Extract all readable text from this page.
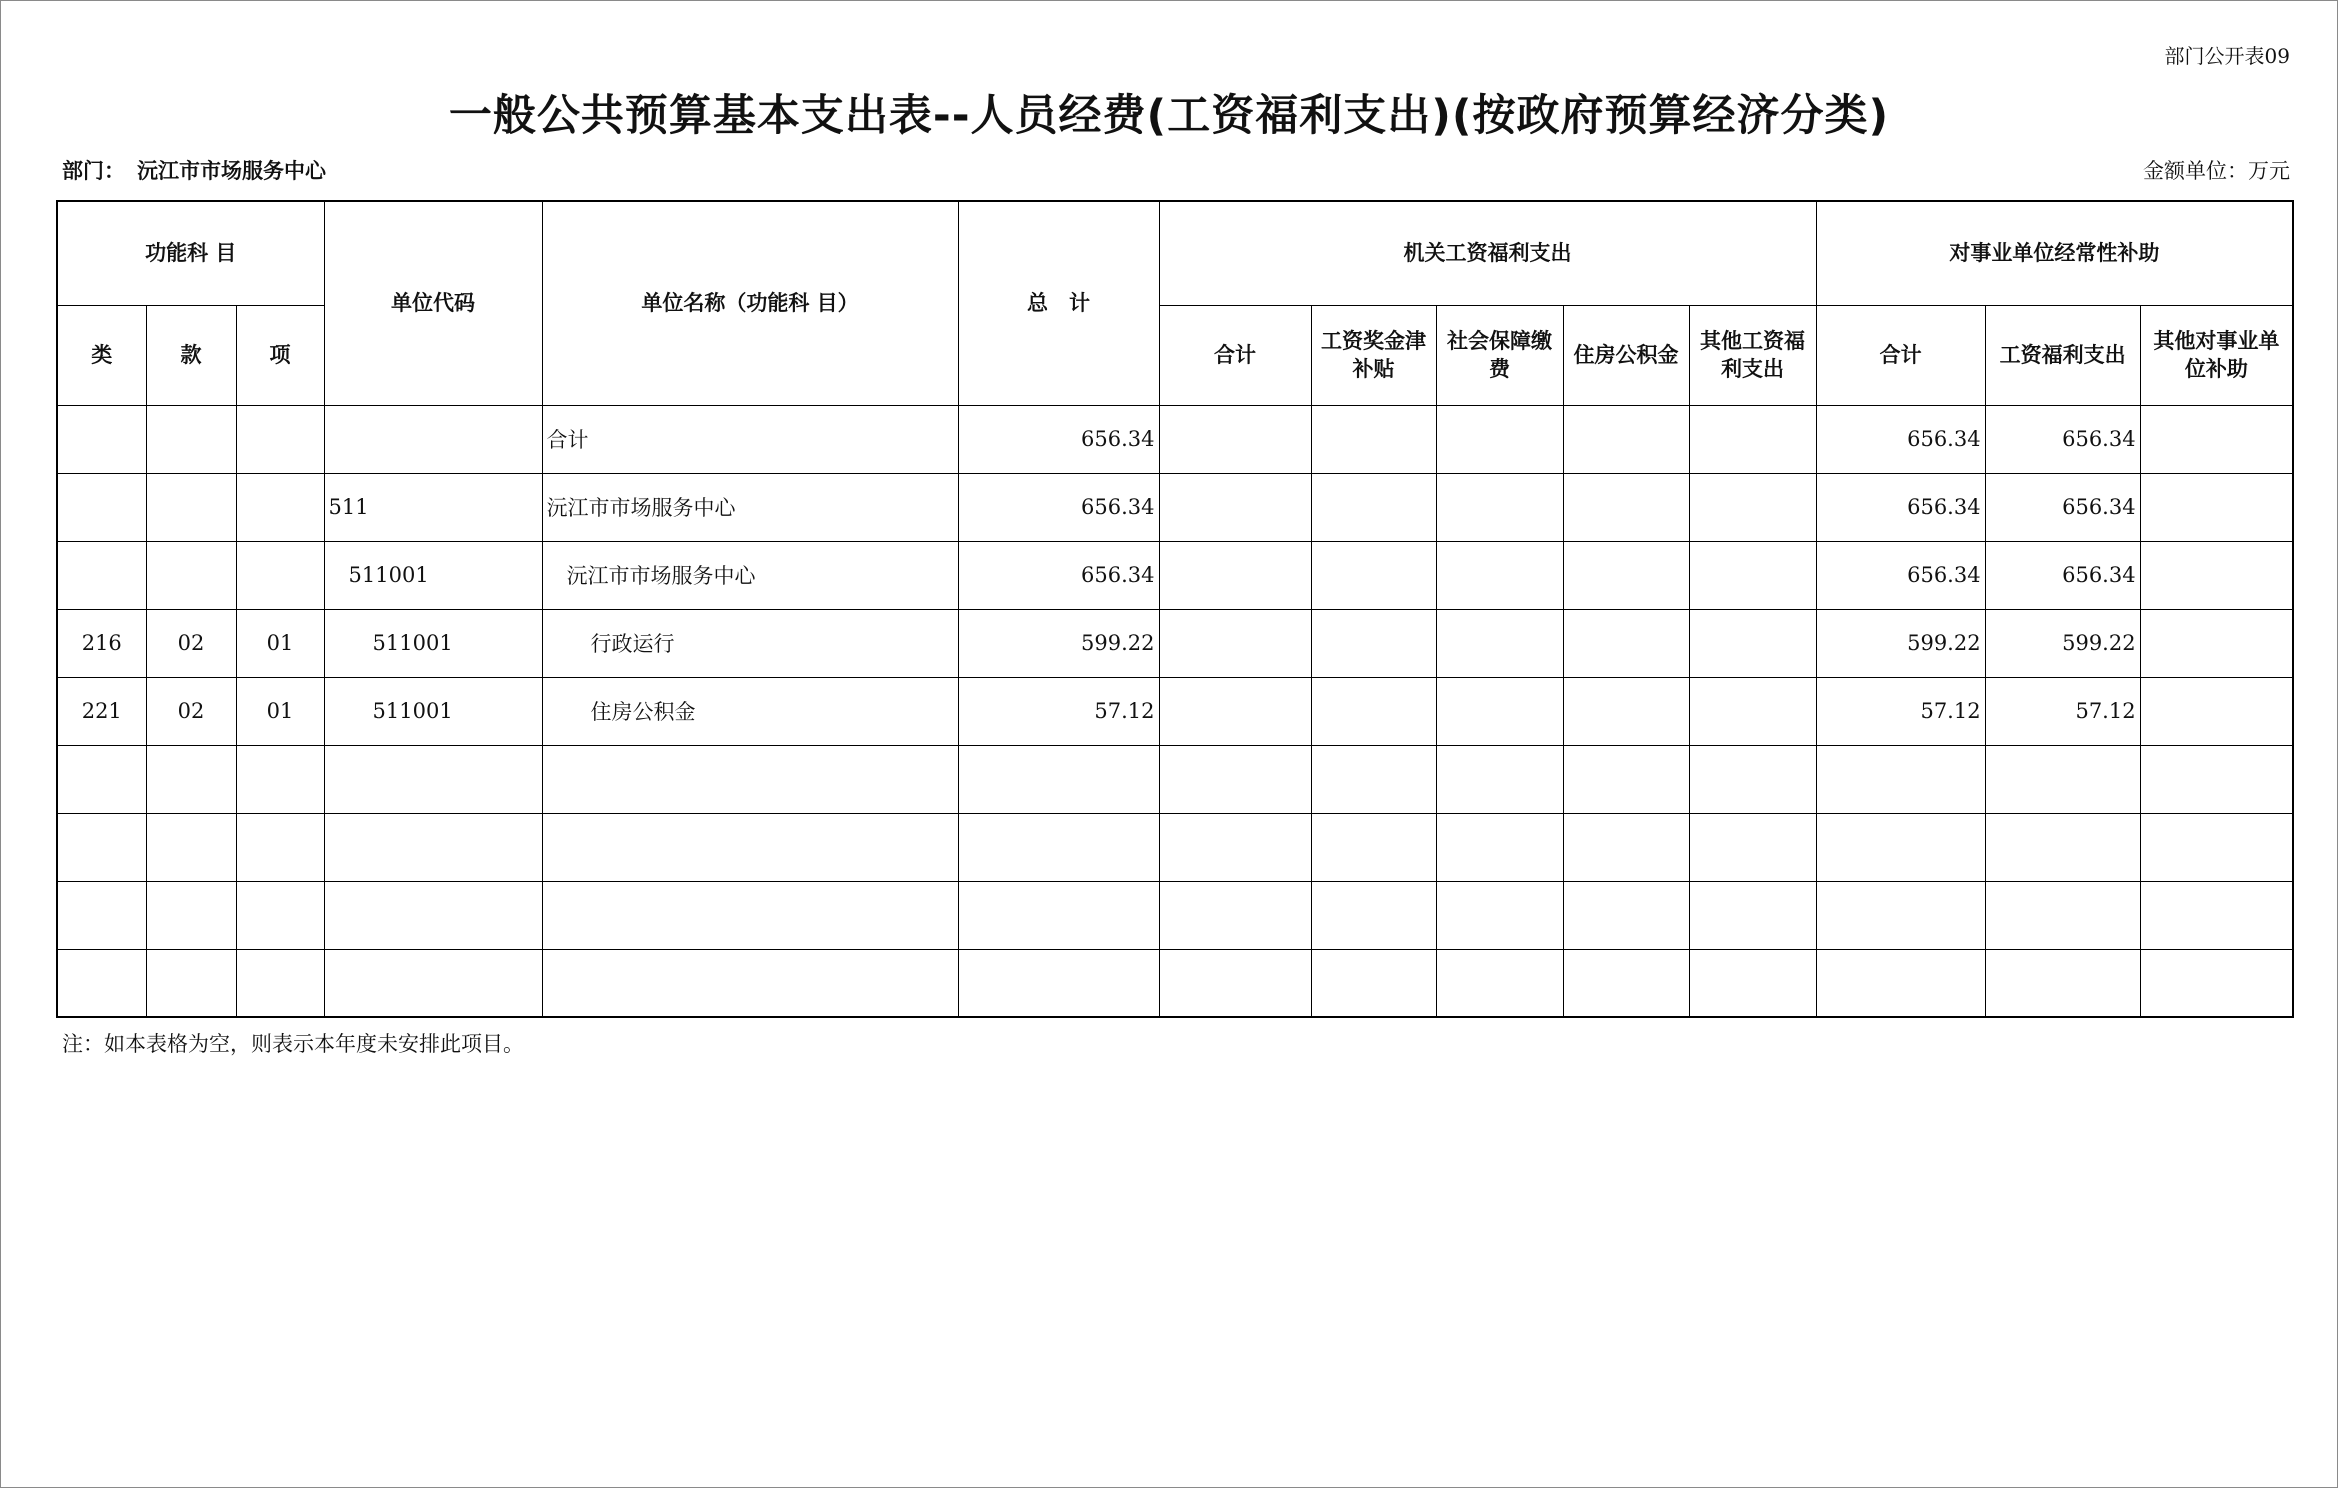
部门公开表09
一般公共预算基本支出表--人员经费(工资福利支出)(按政府预算经济分类)
部门： 沅江市市场服务中心	金额单位：万元
功能科 目			单位代码	单位名称（功能科 目）	总　计	机关工资福利支出					对事业单位经常性补助		
类	款	项				合计	工资奖金津补贴	社会保障缴费	住房公积金	其他工资福利支出	合计	工资福利支出	其他对事业单位补助
				合计	656.34						656.34	656.34	
			511	沅江市市场服务中心	656.34						656.34	656.34	
			511001	沅江市市场服务中心	656.34						656.34	656.34	
216	02	01	511001	行政运行	599.22						599.22	599.22	
221	02	01	511001	住房公积金	57.12						57.12	57.12	

注：如本表格为空，则表示本年度未安排此项目。
